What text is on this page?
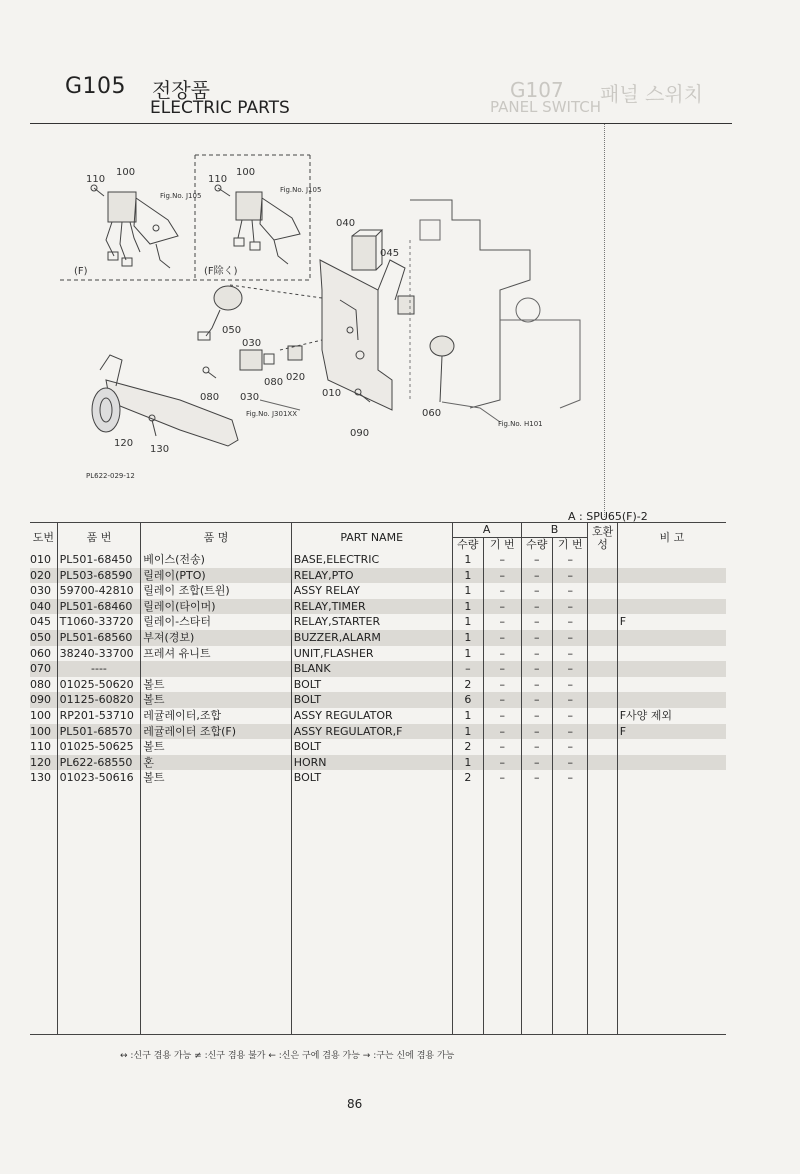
G105 전장품
ELECTRIC PARTS
G107 패널 스위치
PANEL SWITCH
110
100
110
100
040
045
050
030
080 020
010
060
080 030
090
120
130
(F)	(F除く)
Fig.No. J105
Fig.No. J105
Fig.No. J301XX
Fig.No. H101
PL622-029-12
A : SPU65(F)-2
도번	품 번	품 명	PART NAME	A		B		호환성	비 고
				수량	기 번	수량	기 번		
010	PL501-68450	베이스(전송)	BASE,ELECTRIC	1	–	–	–		
020	PL503-68590	릴레이(PTO)	RELAY,PTO	1	–	–	–		
030	59700-42810	릴레이 조합(트윈)	ASSY RELAY	1	–	–	–		
040	PL501-68460	릴레이(타이머)	RELAY,TIMER	1	–	–	–		
045	T1060-33720	릴레이-스타터	RELAY,STARTER	1	–	–	–		F
050	PL501-68560	부져(경보)	BUZZER,ALARM	1	–	–	–		
060	38240-33700	프레셔 유니트	UNIT,FLASHER	1	–	–	–		
070	----		BLANK	–	–	–	–		
080	01025-50620	볼트	BOLT	2	–	–	–		
090	01125-60820	볼트	BOLT	6	–	–	–		
100	RP201-53710	레귤레이터,조합	ASSY REGULATOR	1	–	–	–		F사양 제외
100	PL501-68570	레귤레이터 조합(F)	ASSY REGULATOR,F	1	–	–	–		F
110	01025-50625	볼트	BOLT	2	–	–	–		
120	PL622-68550	혼	HORN	1	–	–	–		
130	01023-50616	볼트	BOLT	2	–	–	–		

↔ :신구 겸용 가능 ≠ :신구 겸용 불가 ← :신은 구에 겸용 가능 → :구는 신에 겸용 가능
86
